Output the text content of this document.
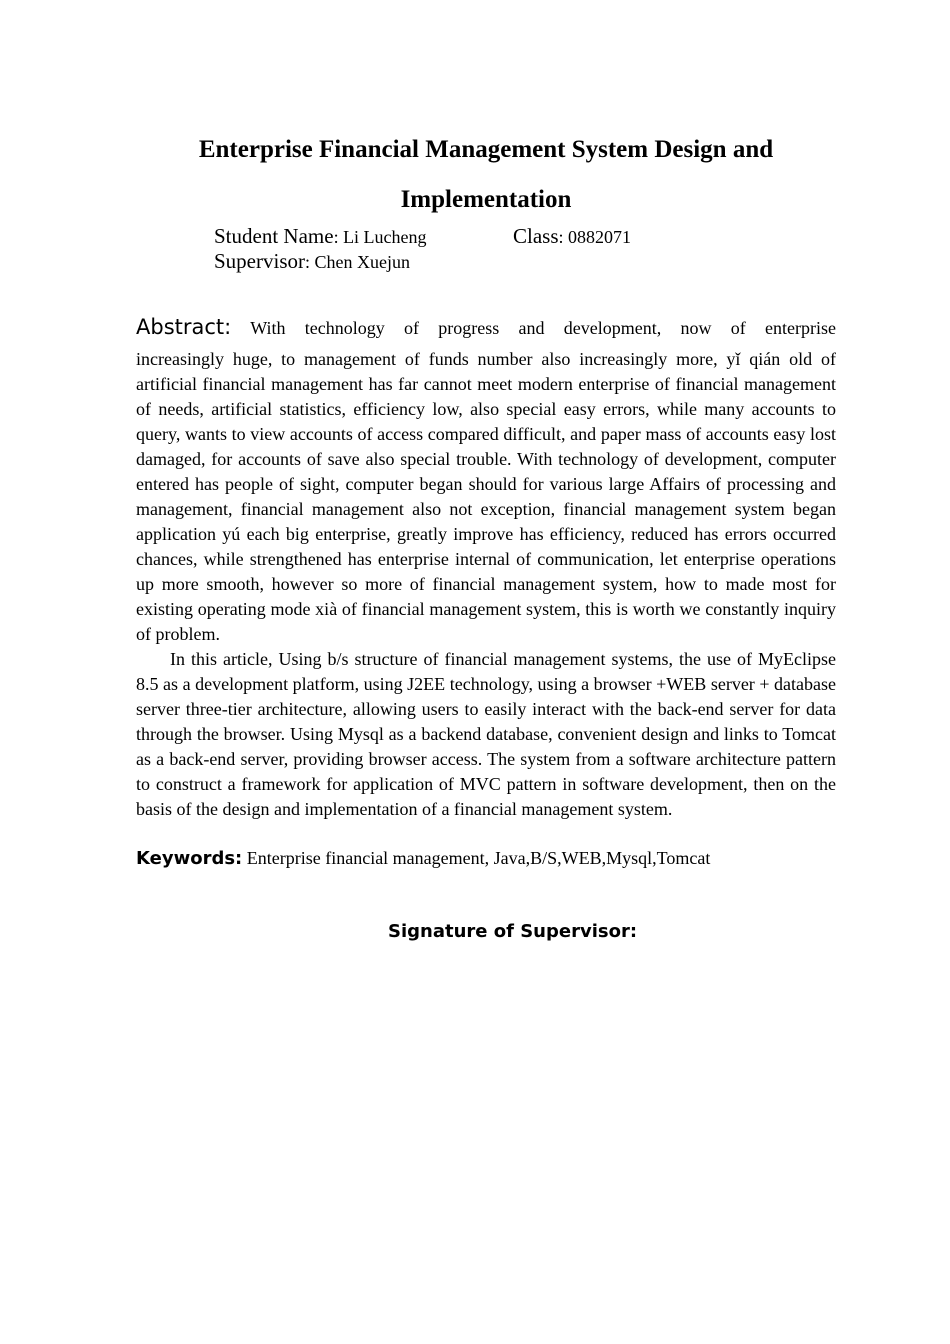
Enterprise Financial Management System Design and
Implementation
Student Name: Li Lucheng	Class: 0882071
Supervisor: Chen Xuejun
Abstract: With technology of progress and development, now of enterprise

increasingly huge, to management of funds number also increasingly more, yǐ qián old of artificial financial management has far cannot meet modern enterprise of financial management of needs, artificial statistics, efficiency low, also special easy errors, while many accounts to query, wants to view accounts of access compared difficult, and paper mass of accounts easy lost damaged, for accounts of save also special trouble. With technology of development, computer entered has people of sight, computer began should for various large Affairs of processing and management, financial management also not exception, financial management system began application yú each big enterprise, greatly improve has efficiency, reduced has errors occurred chances, while strengthened has enterprise internal of communication, let enterprise operations up more smooth, however so more of financial management system, how to made most for existing operating mode xià of financial management system, this is worth we constantly inquiry of problem.

In this article, Using b/s structure of financial management systems, the use of MyEclipse 8.5 as a development platform, using J2EE technology, using a browser +WEB server + database server three-tier architecture, allowing users to easily interact with the back-end server for data through the browser. Using Mysql as a backend database, convenient design and links to Tomcat as a back-end server, providing browser access. The system from a software architecture pattern to construct a framework for application of MVC pattern in software development, then on the basis of the design and implementation of a financial management system.

Keywords: Enterprise financial management, Java,B/S,WEB,Mysql,Tomcat
Signature of Supervisor:
